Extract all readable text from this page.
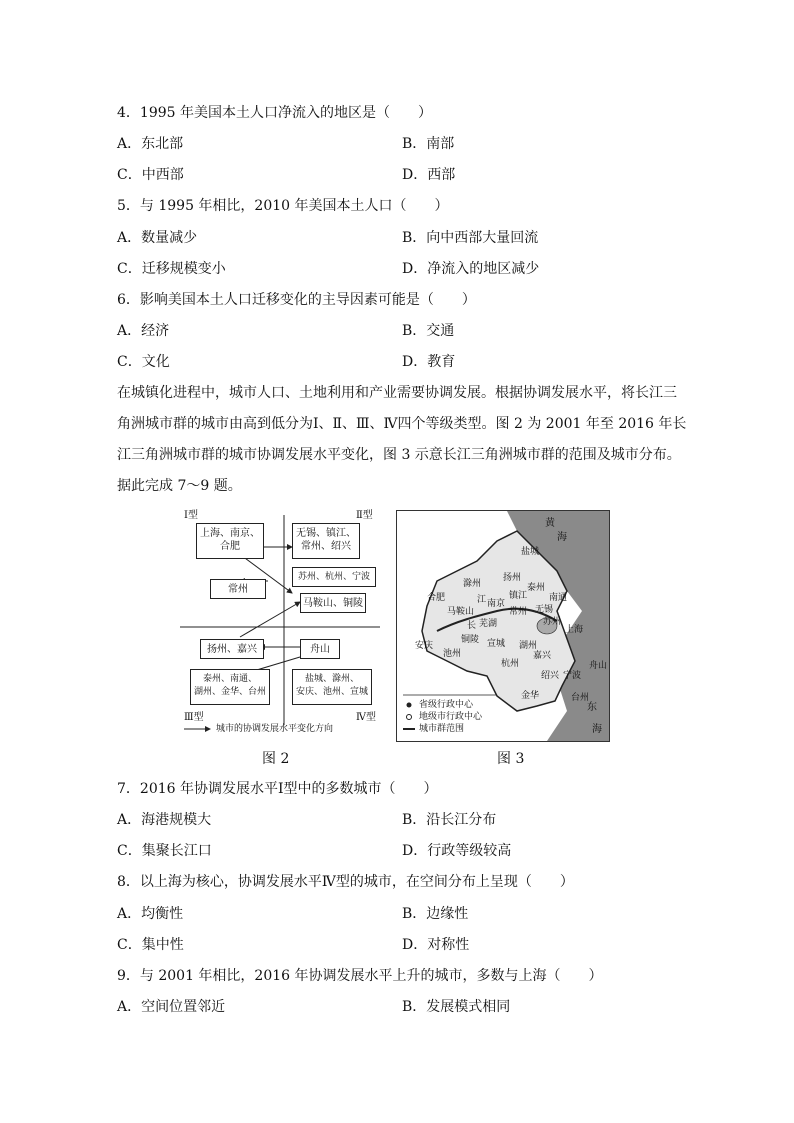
4．1995 年美国本土人口净流入的地区是（　　）
A．东北部	B．南部
C．中西部	D．西部
5．与 1995 年相比，2010 年美国本土人口（　　）
A．数量减少	B．向中西部大量回流
C．迁移规模变小	D．净流入的地区减少
6．影响美国本土人口迁移变化的主导因素可能是（　　）
A．经济	B．交通
C．文化	D．教育
在城镇化进程中，城市人口、土地利用和产业需要协调发展。根据协调发展水平，将长江三角洲城市群的城市由高到低分为Ⅰ、Ⅱ、Ⅲ、Ⅳ四个等级类型。图 2 为 2001 年至 2016 年长江三角洲城市群的城市协调发展水平变化，图 3 示意长江三角洲城市群的范围及城市分布。据此完成 7～9 题。
Ⅰ型	Ⅱ型
Ⅲ型	Ⅳ型
上海、南京、
合肥
无锡、镇江、
常州、绍兴
苏州、杭州、宁波
常州
马鞍山、铜陵
扬州、嘉兴	舟山
泰州、南通、
湖州、金华、台州
盐城、滁州、
安庆、池州、宣城
城市的协调发展水平变化方向
图 2
黄
海
东
海
长
江
盐城
滁州
扬州
泰州
南通
合肥	镇江
南京
常州 无锡
苏州
马鞍山
芜湖
上海
安庆
铜陵
池州
宣城 湖州
杭州
嘉兴
舟山
绍兴 宁波
金华	台州
省级行政中心
地级市行政中心
城市群范围
图 3
7．2016 年协调发展水平Ⅰ型中的多数城市（　　）
A．海港规模大	B．沿长江分布
C．集聚长江口	D．行政等级较高
8．以上海为核心，协调发展水平Ⅳ型的城市，在空间分布上呈现（　　）
A．均衡性	B．边缘性
C．集中性	D．对称性
9．与 2001 年相比，2016 年协调发展水平上升的城市，多数与上海（　　）
A．空间位置邻近	B．发展模式相同
